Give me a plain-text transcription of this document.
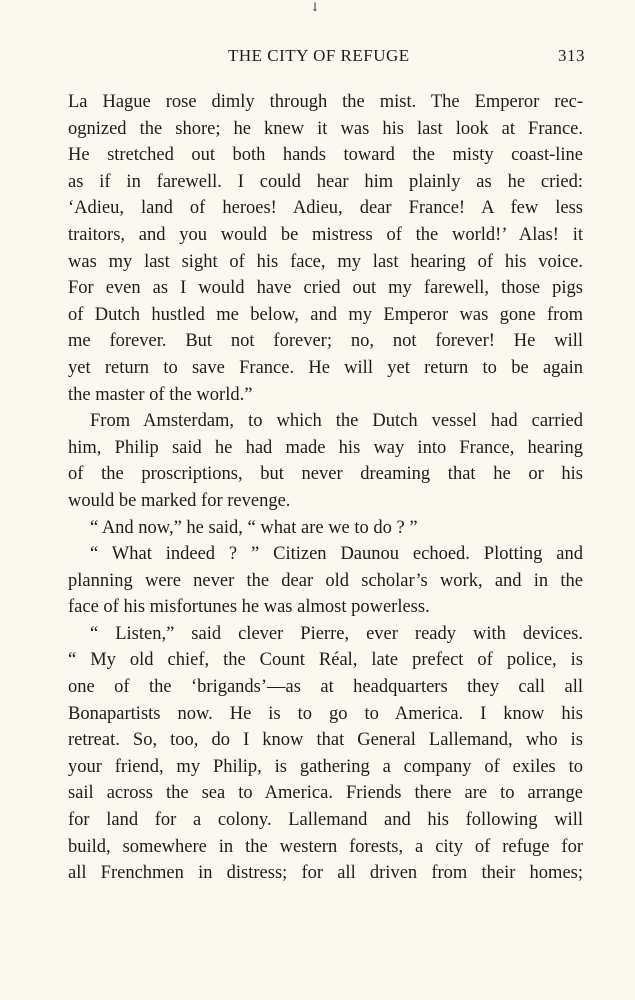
↓
THE CITY OF REFUGE	313
La Hague rose dimly through the mist. The Emperor rec-
ognized the shore; he knew it was his last look at France.
He stretched out both hands toward the misty coast-line
as if in farewell. I could hear him plainly as he cried:
‘Adieu, land of heroes! Adieu, dear France! A few less
traitors, and you would be mistress of the world!’ Alas! it
was my last sight of his face, my last hearing of his voice.
For even as I would have cried out my farewell, those pigs
of Dutch hustled me below, and my Emperor was gone from
me forever. But not forever; no, not forever! He will
yet return to save France. He will yet return to be again
the master of the world.”
From Amsterdam, to which the Dutch vessel had carried
him, Philip said he had made his way into France, hearing
of the proscriptions, but never dreaming that he or his
would be marked for revenge.
“ And now,” he said, “ what are we to do ? ”
“ What indeed ? ” Citizen Daunou echoed. Plotting and
planning were never the dear old scholar’s work, and in the
face of his misfortunes he was almost powerless.
“ Listen,” said clever Pierre, ever ready with devices.
“ My old chief, the Count Réal, late prefect of police, is
one of the ‘brigands’—as at headquarters they call all
Bonapartists now. He is to go to America. I know his
retreat. So, too, do I know that General Lallemand, who is
your friend, my Philip, is gathering a company of exiles to
sail across the sea to America. Friends there are to arrange
for land for a colony. Lallemand and his following will
build, somewhere in the western forests, a city of refuge for
all Frenchmen in distress; for all driven from their homes;
